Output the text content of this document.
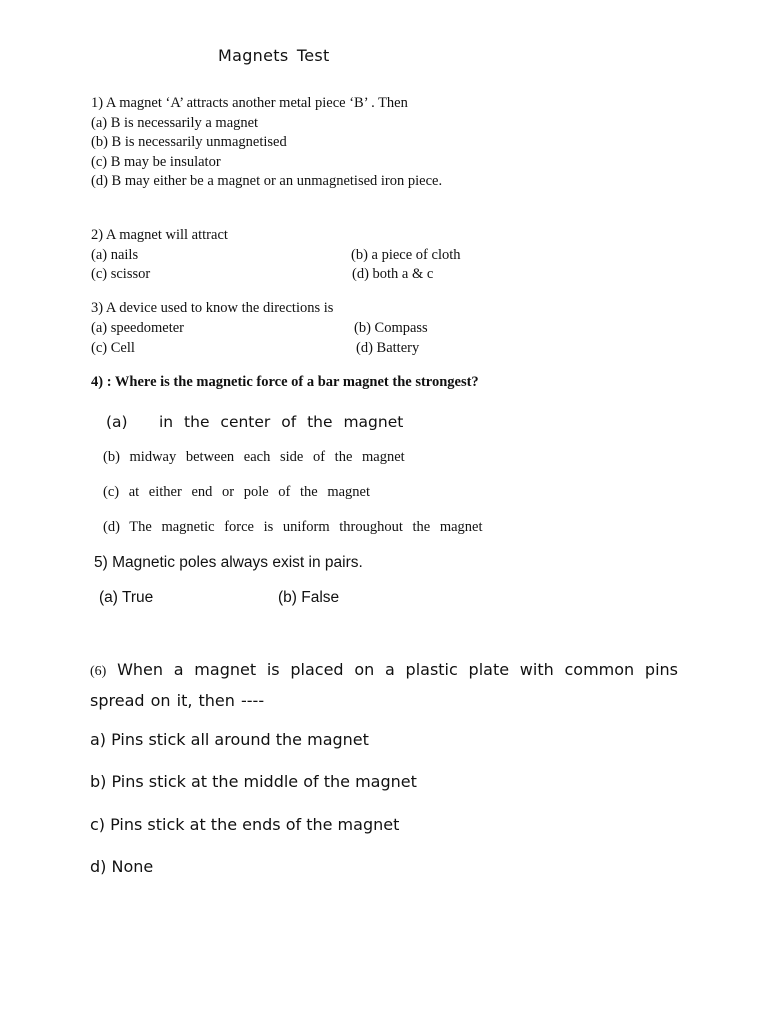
Magnets Test
1) A magnet ‘A’ attracts another metal piece ‘B’ . Then
(a) B is necessarily a magnet
(b) B is necessarily unmagnetised
(c) B may be insulator
(d) B may either be a magnet or an unmagnetised iron piece.
2) A magnet will attract
(a) nails	(b) a piece of cloth
(c) scissor	(d) both a & c
3) A device used to know the directions is
(a) speedometer	(b) Compass
(c) Cell	(d) Battery
4) : Where is the magnetic force of a bar magnet the strongest?
(a) in the center of the magnet
(b) midway between each side of the magnet
(c) at either end or pole of the magnet
(d) The magnetic force is uniform throughout the magnet
5) Magnetic poles always exist in pairs.
(a) True	(b) False
(6) When a magnet is placed on a plastic plate with common pins spread on it, then ----
a) Pins stick all around the magnet
b) Pins stick at the middle of the magnet
c) Pins stick at the ends of the magnet
d) None
